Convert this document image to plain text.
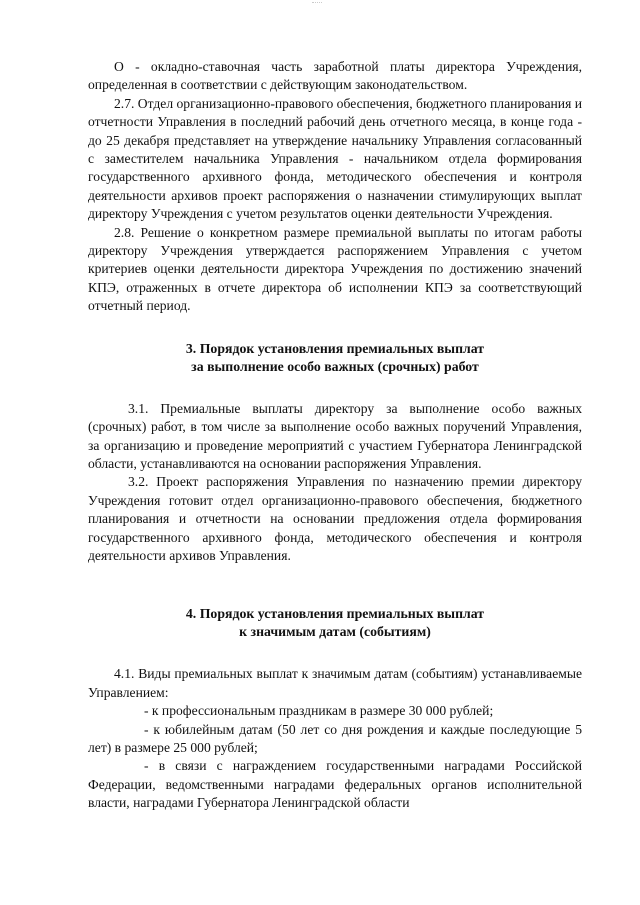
О - окладно-ставочная часть заработной платы директора Учреждения, определенная в соответствии с действующим законодательством.

2.7. Отдел организационно-правового обеспечения, бюджетного планирования и отчетности Управления в последний рабочий день отчетного месяца, в конце года - до 25 декабря представляет на утверждение начальнику Управления согласованный с заместителем начальника Управления - начальником отдела формирования государственного архивного фонда, методического обеспечения и контроля деятельности архивов проект распоряжения о назначении стимулирующих выплат директору Учреждения с учетом результатов оценки деятельности Учреждения.

2.8. Решение о конкретном размере премиальной выплаты по итогам работы директору Учреждения утверждается распоряжением Управления с учетом критериев оценки деятельности директора Учреждения по достижению значений КПЭ, отраженных в отчете директора об исполнении КПЭ за соответствующий отчетный период.

3. Порядок установления премиальных выплат
за выполнение особо важных (срочных) работ

3.1. Премиальные выплаты директору за выполнение особо важных (срочных) работ, в том числе за выполнение особо важных поручений Управления, за организацию и проведение мероприятий с участием Губернатора Ленинградской области, устанавливаются на основании распоряжения Управления.

3.2. Проект распоряжения Управления по назначению премии директору Учреждения готовит отдел организационно-правового обеспечения, бюджетного планирования и отчетности на основании предложения отдела формирования государственного архивного фонда, методического обеспечения и контроля деятельности архивов Управления.

4. Порядок установления премиальных выплат
к значимым датам (событиям)

4.1. Виды премиальных выплат к значимым датам (событиям) устанавливаемые Управлением:

- к профессиональным праздникам в размере 30 000 рублей;

- к юбилейным датам (50 лет со дня рождения и каждые последующие 5 лет) в размере 25 000 рублей;

- в связи с награждением государственными наградами Российской Федерации, ведомственными наградами федеральных органов исполнительной власти, наградами Губернатора Ленинградской области
